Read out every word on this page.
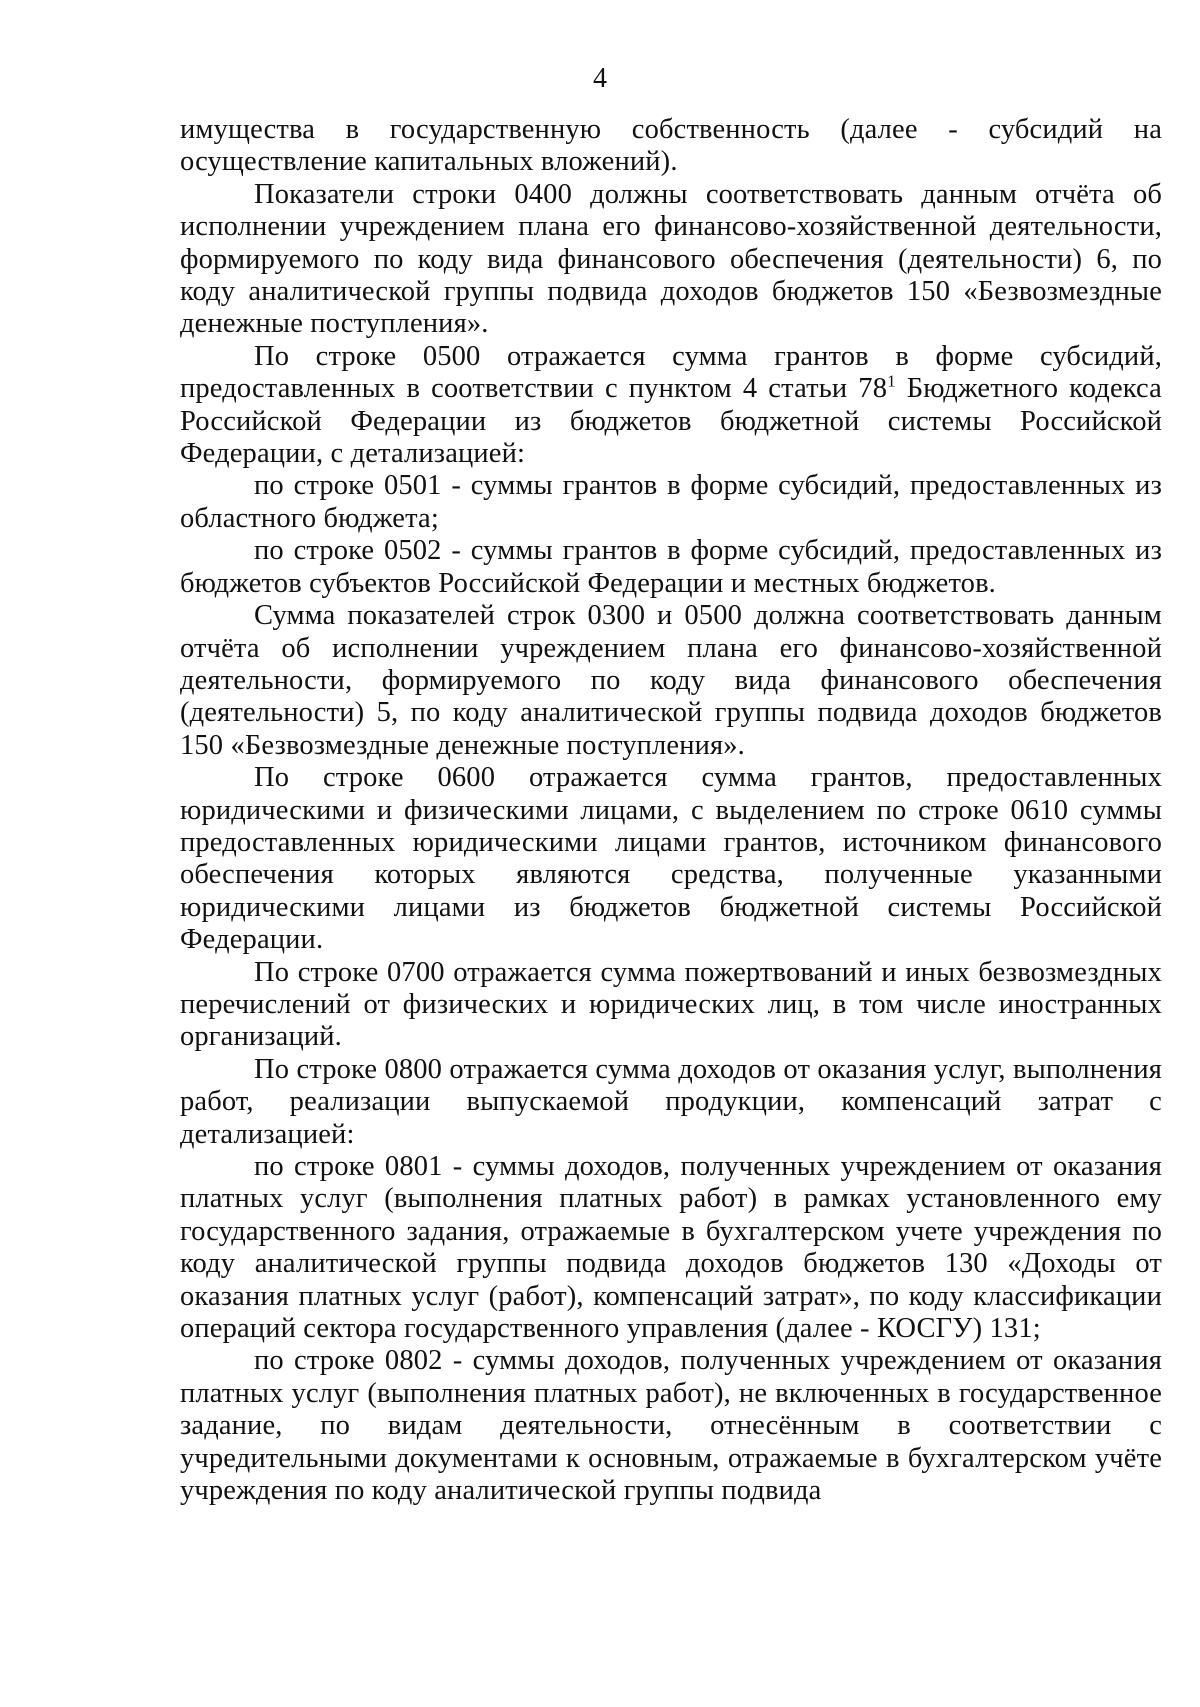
4

имущества в государственную собственность (далее - субсидий на осуществление капитальных вложений).

Показатели строки 0400 должны соответствовать данным отчёта об исполнении учреждением плана его финансово-хозяйственной деятельности, формируемого по коду вида финансового обеспечения (деятельности) 6, по коду аналитической группы подвида доходов бюджетов 150 «Безвозмездные денежные поступления».

По строке 0500 отражается сумма грантов в форме субсидий, предоставленных в соответствии с пунктом 4 статьи $78^1$ Бюджетного кодекса Российской Федерации из бюджетов бюджетной системы Российской Федерации, с детализацией:

по строке 0501 - суммы грантов в форме субсидий, предоставленных из областного бюджета;

по строке 0502 - суммы грантов в форме субсидий, предоставленных из бюджетов субъектов Российской Федерации и местных бюджетов.

Сумма показателей строк 0300 и 0500 должна соответствовать данным отчёта об исполнении учреждением плана его финансово-хозяйственной деятельности, формируемого по коду вида финансового обеспечения (деятельности) 5, по коду аналитической группы подвида доходов бюджетов 150 «Безвозмездные денежные поступления».

По строке 0600 отражается сумма грантов, предоставленных юридическими и физическими лицами, с выделением по строке 0610 суммы предоставленных юридическими лицами грантов, источником финансового обеспечения которых являются средства, полученные указанными юридическими лицами из бюджетов бюджетной системы Российской Федерации.

По строке 0700 отражается сумма пожертвований и иных безвозмездных перечислений от физических и юридических лиц, в том числе иностранных организаций.

По строке 0800 отражается сумма доходов от оказания услуг, выполнения работ, реализации выпускаемой продукции, компенсаций затрат с детализацией:

по строке 0801 - суммы доходов, полученных учреждением от оказания платных услуг (выполнения платных работ) в рамках установленного ему государственного задания, отражаемые в бухгалтерском учете учреждения по коду аналитической группы подвида доходов бюджетов 130 «Доходы от оказания платных услуг (работ), компенсаций затрат», по коду классификации операций сектора государственного управления (далее - КОСГУ) 131;

по строке 0802 - суммы доходов, полученных учреждением от оказания платных услуг (выполнения платных работ), не включенных в государственное задание, по видам деятельности, отнесённым в соответствии с учредительными документами к основным, отражаемые в бухгалтерском учёте учреждения по коду аналитической группы подвида
